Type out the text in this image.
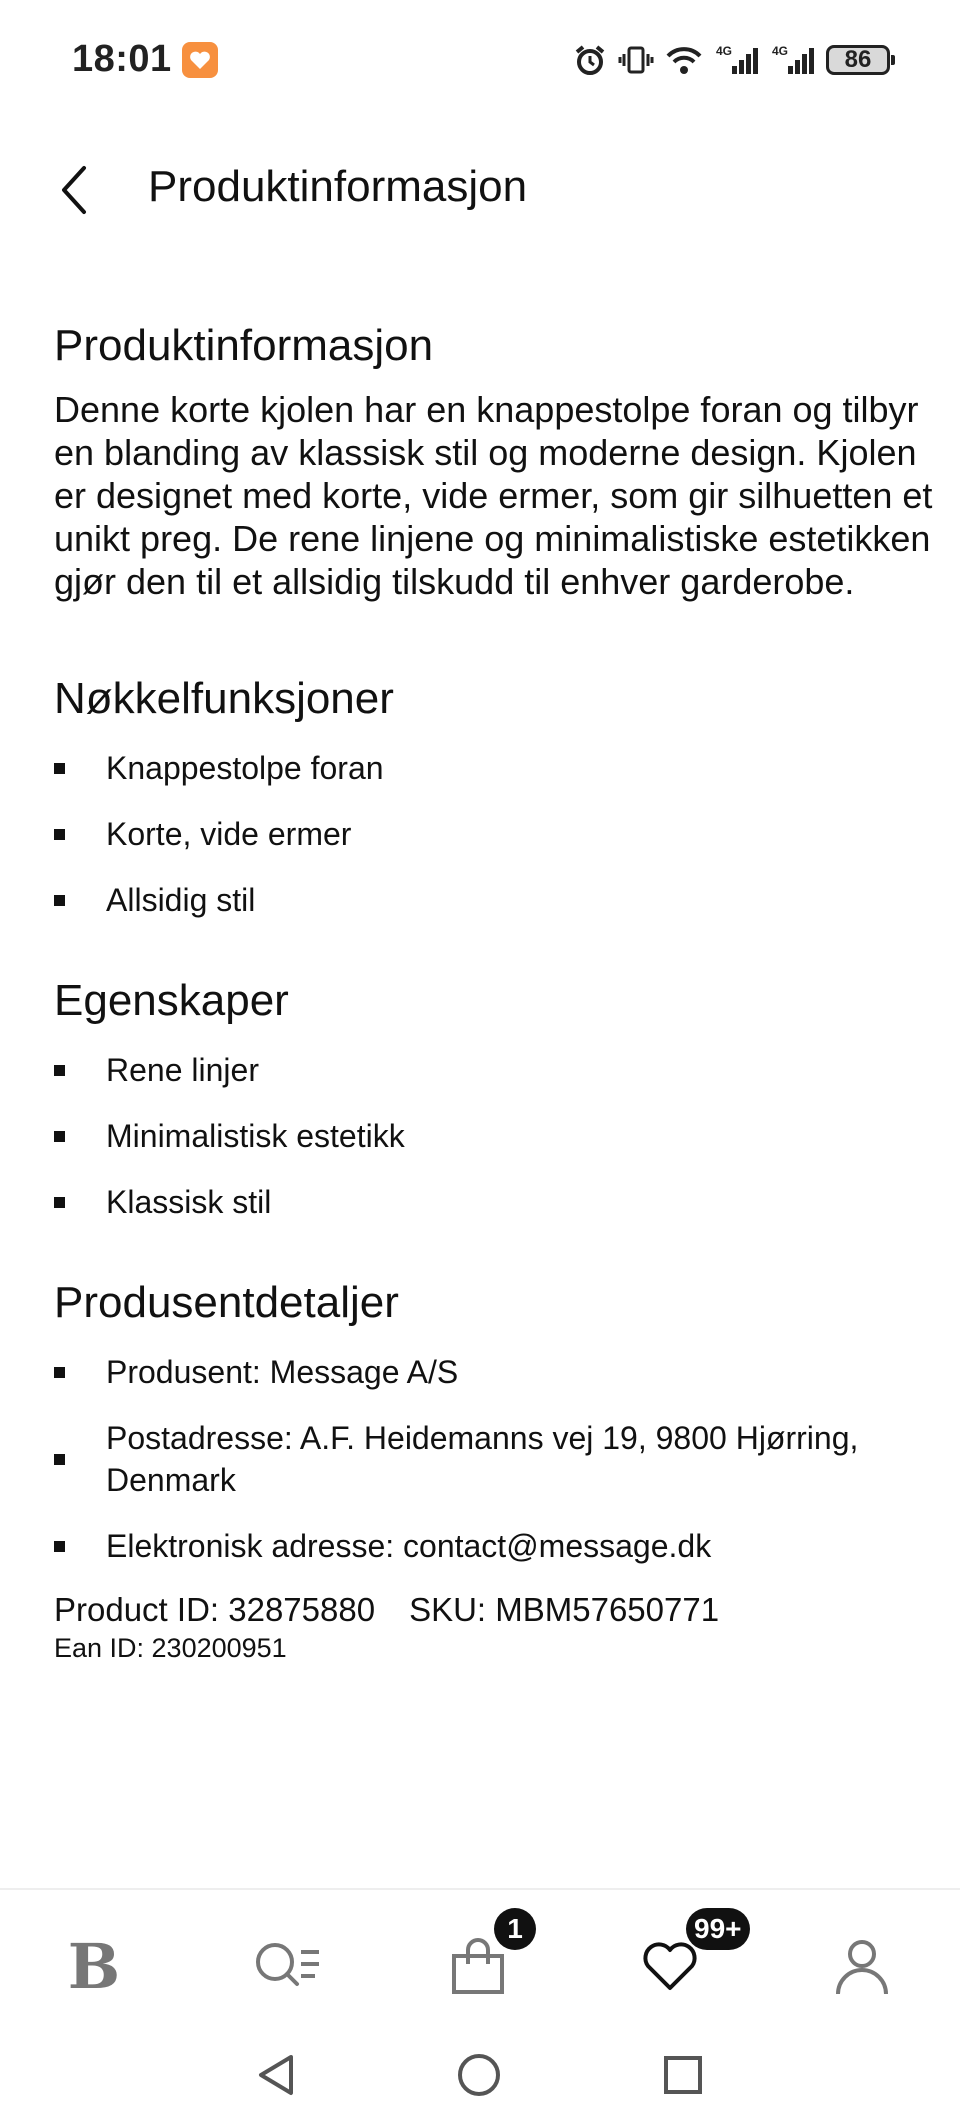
18:01	4G	4G 86
Produktinformasjon
Produktinformasjon

Denne korte kjolen har en knappestolpe foran og tilbyr en blanding av klassisk stil og moderne design. Kjolen er designet med korte, vide ermer, som gir silhuetten et unikt preg. De rene linjene og minimalistiske estetikken gjør den til et allsidig tilskudd til enhver garderobe.

Nøkkelfunksjoner
Knappestolpe foran
Korte, vide ermer
Allsidig stil
Egenskaper
Rene linjer
Minimalistisk estetikk
Klassisk stil
Produsentdetaljer
Produsent: Message A/S
Postadresse: A.F. Heidemanns vej 19, 9800 Hjørring, Denmark
Elektronisk adresse: contact@message.dk
Product ID: 32875880 SKU: MBM57650771
Ean ID: 230200951
B
1	99+
